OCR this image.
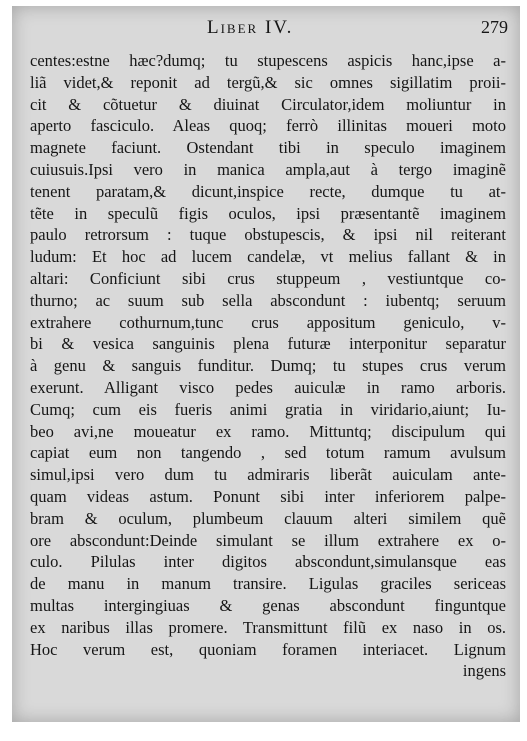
Liber IV.	279
centes:estne hæc?dumq; tu stupescens aspicis hanc,ipse a-
liã videt,& reponit ad tergũ,& sic omnes sigillatim proii-
cit & cõtuetur & diuinat Circulator,idem moliuntur in
aperto fasciculo. Aleas quoq; ferrò illinitas moueri moto
magnete faciunt. Ostendant tibi in speculo imaginem
cuiusuis.Ipsi vero in manica ampla,aut à tergo imaginẽ
tenent paratam,& dicunt,inspice recte, dumque tu at-
tẽte in speculũ figis oculos, ipsi præsentantẽ imaginem
paulo retrorsum : tuque obstupescis, & ipsi nil reiterant
ludum: Et hoc ad lucem candelæ, vt melius fallant & in
altari: Conficiunt sibi crus stuppeum , vestiuntque co-
thurno; ac suum sub sella abscondunt : iubentq; seruum
extrahere cothurnum,tunc crus appositum geniculo, v-
bi & vesica sanguinis plena futuræ interponitur separatur
à genu & sanguis funditur. Dumq; tu stupes crus verum
exerunt. Alligant visco pedes auiculæ in ramo arboris.
Cumq; cum eis fueris animi gratia in viridario,aiunt; Iu-
beo avi,ne moueatur ex ramo. Mittuntq; discipulum qui
capiat eum non tangendo , sed totum ramum avulsum
simul,ipsi vero dum tu admiraris liberãt auiculam ante-
quam videas astum. Ponunt sibi inter inferiorem palpe-
bram & oculum, plumbeum clauum alteri similem quẽ
ore abscondunt:Deinde simulant se illum extrahere ex o-
culo. Pilulas inter digitos abscondunt,simulansque eas
de manu in manum transire. Ligulas graciles sericeas
multas intergingiuas & genas abscondunt finguntque
ex naribus illas promere. Transmittunt filũ ex naso in os.
Hoc verum est, quoniam foramen interiacet. Lignum
ingens
